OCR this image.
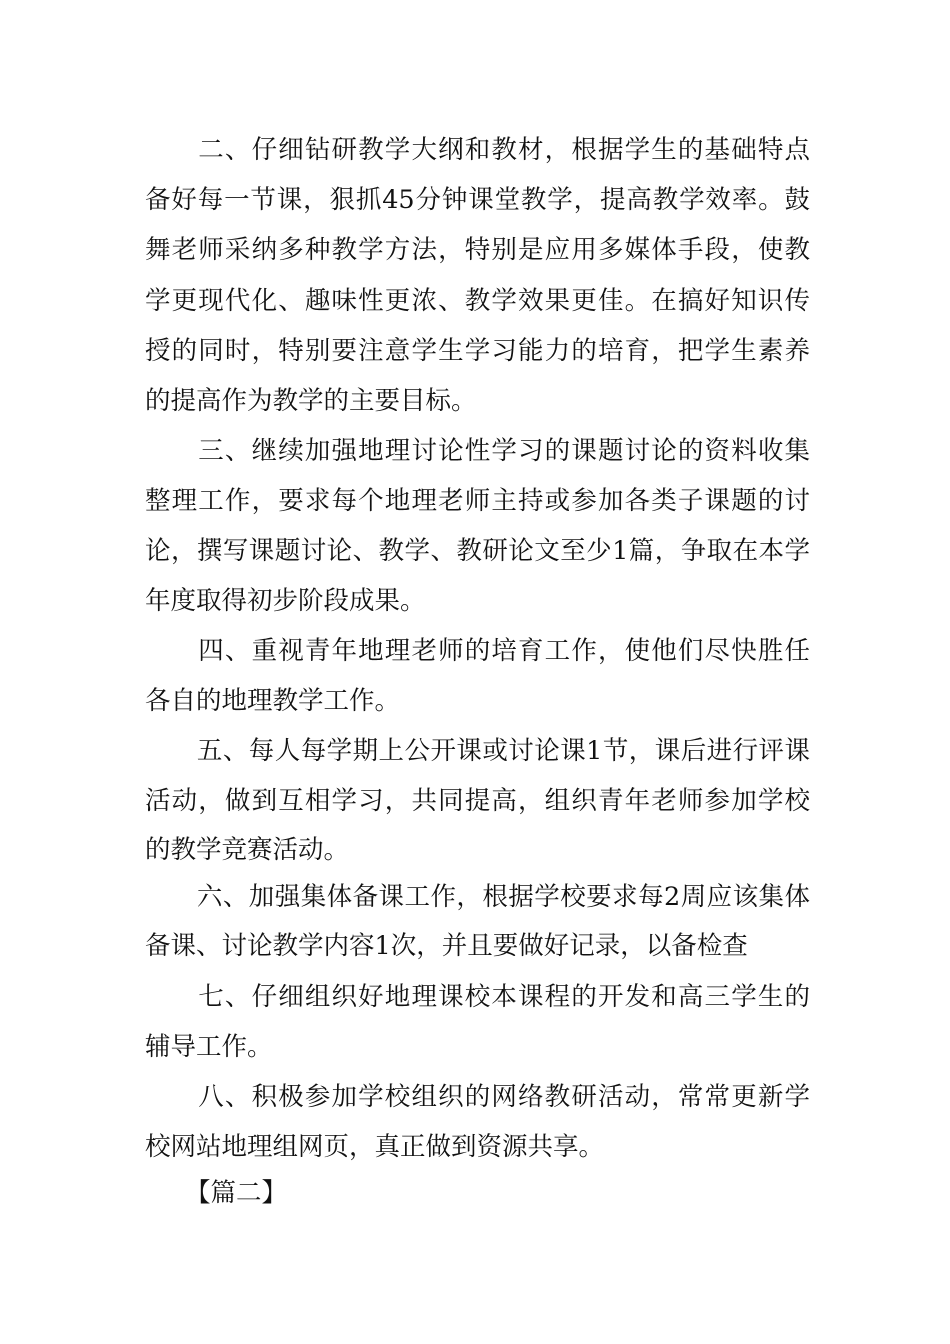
　　二、仔细钻研教学大纲和教材，根据学生的基础特点
备好每一节课，狠抓45分钟课堂教学，提高教学效率。鼓
舞老师采纳多种教学方法，特别是应用多媒体手段，使教
学更现代化、趣味性更浓、教学效果更佳。在搞好知识传
授的同时，特别要注意学生学习能力的培育，把学生素养
的提高作为教学的主要目标。
　　三、继续加强地理讨论性学习的课题讨论的资料收集
整理工作，要求每个地理老师主持或参加各类子课题的讨
论，撰写课题讨论、教学、教研论文至少1篇，争取在本学
年度取得初步阶段成果。
　　四、重视青年地理老师的培育工作，使他们尽快胜任
各自的地理教学工作。
　　五、每人每学期上公开课或讨论课1节，课后进行评课
活动，做到互相学习，共同提高，组织青年老师参加学校
的教学竞赛活动。
　　六、加强集体备课工作，根据学校要求每2周应该集体
备课、讨论教学内容1次，并且要做好记录，以备检查
　　七、仔细组织好地理课校本课程的开发和高三学生的
辅导工作。
　　八、积极参加学校组织的网络教研活动，常常更新学
校网站地理组网页，真正做到资源共享。
【篇二】
